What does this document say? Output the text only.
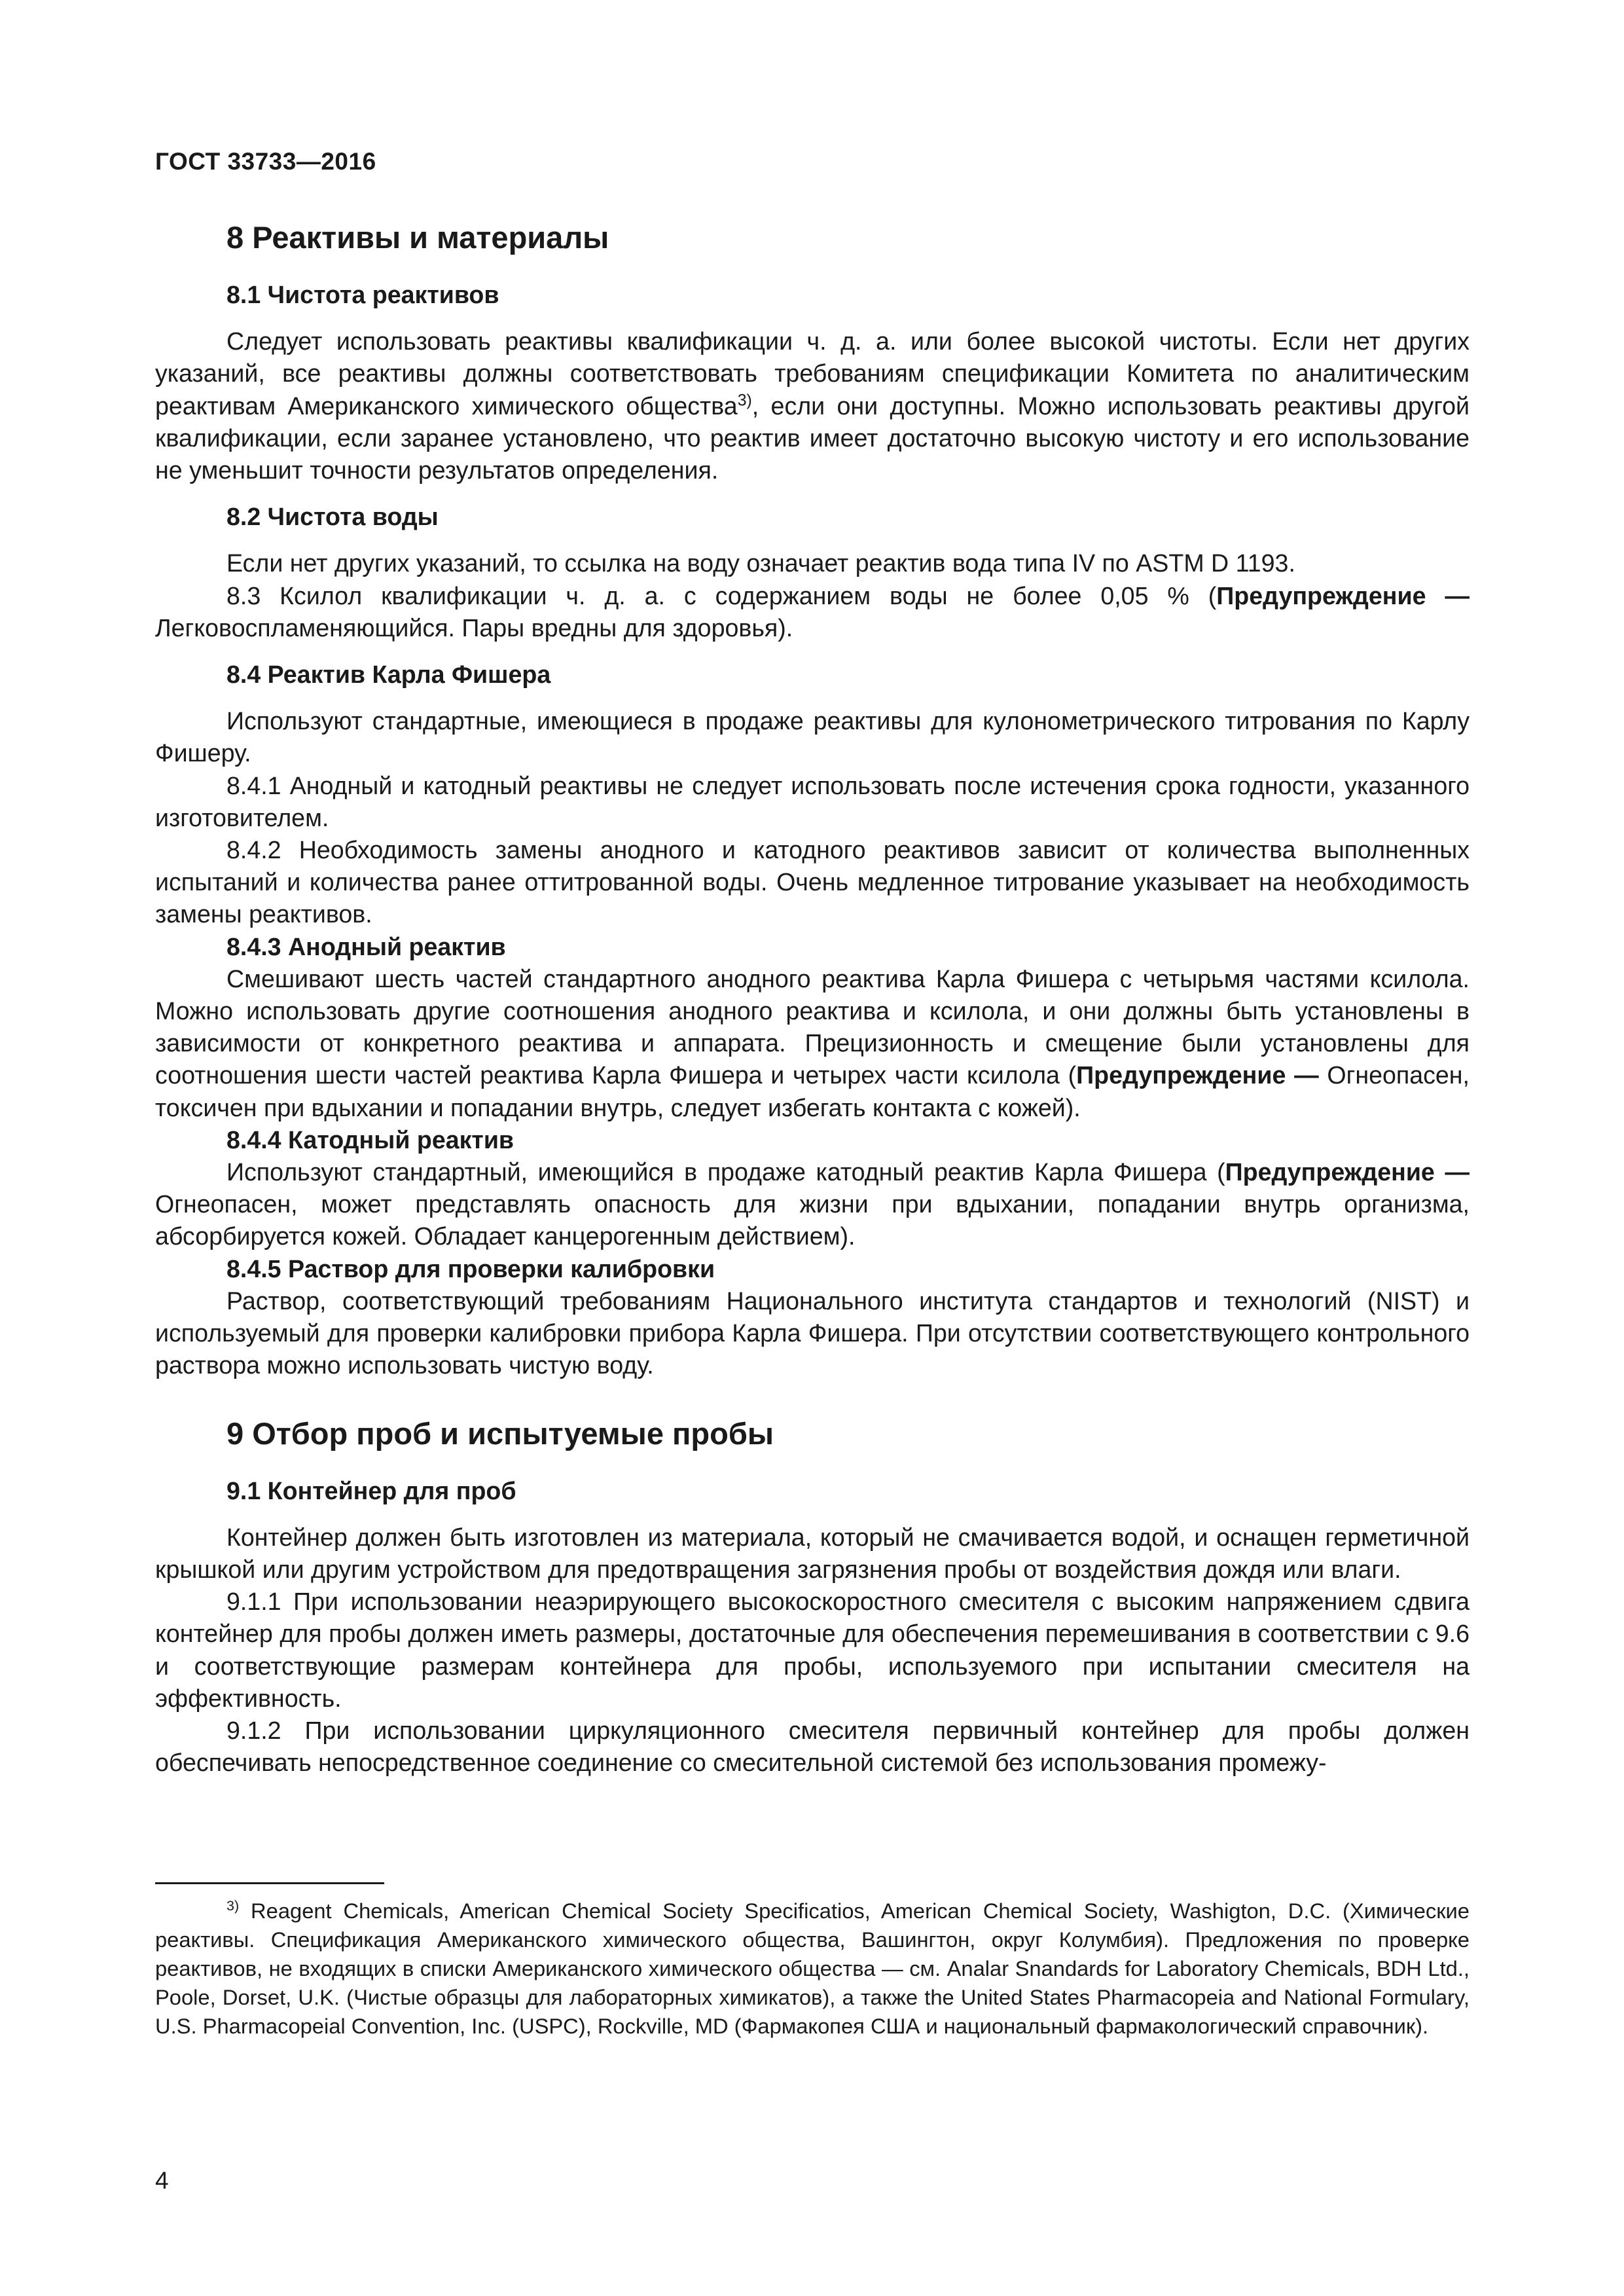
ГОСТ 33733—2016
8 Реактивы и материалы
8.1 Чистота реактивов

Следует использовать реактивы квалификации ч. д. а. или более высокой чистоты. Если нет других указаний, все реактивы должны соответствовать требованиям спецификации Комитета по аналитическим реактивам Американского химического общества$^{3)}$, если они доступны. Можно использовать реактивы другой квалификации, если заранее установлено, что реактив имеет достаточно высокую чистоту и его использование не уменьшит точности результатов определения.

8.2 Чистота воды

Если нет других указаний, то ссылка на воду означает реактив вода типа IV по ASTM D 1193.

8.3 Ксилол квалификации ч. д. а. с содержанием воды не более 0,05 % (Предупреждение — Легковоспламеняющийся. Пары вредны для здоровья).

8.4 Реактив Карла Фишера

Используют стандартные, имеющиеся в продаже реактивы для кулонометрического титрования по Карлу Фишеру.

8.4.1 Анодный и катодный реактивы не следует использовать после истечения срока годности, указанного изготовителем.

8.4.2 Необходимость замены анодного и катодного реактивов зависит от количества выполненных испытаний и количества ранее оттитрованной воды. Очень медленное титрование указывает на необходимость замены реактивов.

8.4.3 Анодный реактив

Смешивают шесть частей стандартного анодного реактива Карла Фишера с четырьмя частями ксилола. Можно использовать другие соотношения анодного реактива и ксилола, и они должны быть установлены в зависимости от конкретного реактива и аппарата. Прецизионность и смещение были установлены для соотношения шести частей реактива Карла Фишера и четырех части ксилола (Предупреждение — Огнеопасен, токсичен при вдыхании и попадании внутрь, следует избегать контакта с кожей).

8.4.4 Катодный реактив

Используют стандартный, имеющийся в продаже катодный реактив Карла Фишера (Предупреждение — Огнеопасен, может представлять опасность для жизни при вдыхании, попадании внутрь организма, абсорбируется кожей. Обладает канцерогенным действием).

8.4.5 Раствор для проверки калибровки

Раствор, соответствующий требованиям Национального института стандартов и технологий (NIST) и используемый для проверки калибровки прибора Карла Фишера. При отсутствии соответствующего контрольного раствора можно использовать чистую воду.

9 Отбор проб и испытуемые пробы
9.1 Контейнер для проб

Контейнер должен быть изготовлен из материала, который не смачивается водой, и оснащен герметичной крышкой или другим устройством для предотвращения загрязнения пробы от воздействия дождя или влаги.

9.1.1 При использовании неаэрирующего высокоскоростного смесителя с высоким напряжением сдвига контейнер для пробы должен иметь размеры, достаточные для обеспечения перемешивания в соответствии с 9.6 и соответствующие размерам контейнера для пробы, используемого при испытании смесителя на эффективность.

9.1.2 При использовании циркуляционного смесителя первичный контейнер для пробы должен обеспечивать непосредственное соединение со смесительной системой без использования промежу-

$^{3)}$ Reagent Chemicals, American Chemical Society Specificatios, American Chemical Society, Washigton, D.C. (Химические реактивы. Спецификация Американского химического общества, Вашингтон, округ Колумбия). Предложения по проверке реактивов, не входящих в списки Американского химического общества — см. Analar Snandards for Laboratory Chemicals, BDH Ltd., Poole, Dorset, U.K. (Чистые образцы для лабораторных химикатов), а также the United States Pharmacopeia and National Formulary, U.S. Pharmacopeial Convention, Inc. (USPC), Rockville, MD (Фармакопея США и национальный фармакологический справочник).

4
